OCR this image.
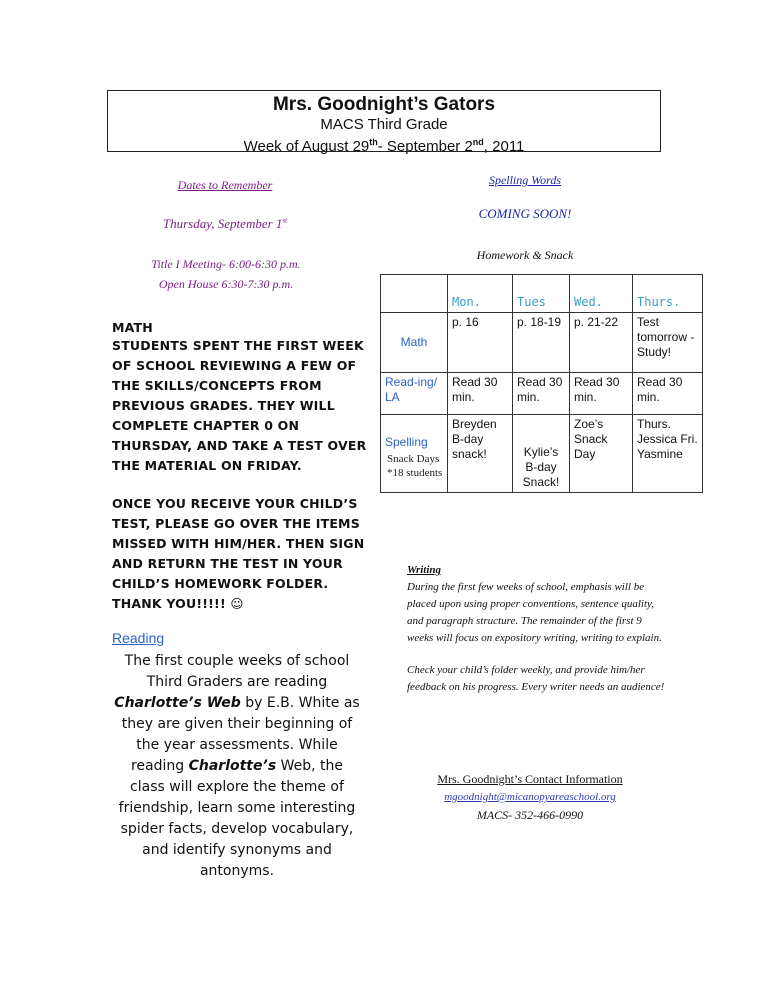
Mrs. Goodnight’s Gators
MACS Third Grade
Week of August 29th- September 2nd, 2011
Dates to Remember
Thursday, September 1st
Title I Meeting- 6:00-6:30 p.m.
Open House 6:30-7:30 p.m.
MATH
STUDENTS SPENT THE FIRST WEEK OF SCHOOL REVIEWING A FEW OF THE SKILLS/CONCEPTS FROM PREVIOUS GRADES. THEY WILL COMPLETE CHAPTER 0 ON THURSDAY, AND TAKE A TEST OVER THE MATERIAL ON FRIDAY.
ONCE YOU RECEIVE YOUR CHILD’S TEST, PLEASE GO OVER THE ITEMS MISSED WITH HIM/HER. THEN SIGN AND RETURN THE TEST IN YOUR CHILD’S HOMEWORK FOLDER. THANK YOU!!!!! ☺
Reading
The first couple weeks of school Third Graders are reading Charlotte’s Web by E.B. White as they are given their beginning of the year assessments. While reading Charlotte’s Web, the class will explore the theme of friendship, learn some interesting spider facts, develop vocabulary, and identify synonyms and antonyms.
Spelling Words
COMING SOON!
Homework & Snack
	Mon.	Tues	Wed.	Thurs.
Math	p. 16	p. 18-19	p. 21-22	Test tomorrow - Study!
Read-ing/ LA	Read 30 min.	Read 30 min.	Read 30 min.	Read 30 min.

Spelling
Snack Days *18 students	Breyden B-day snack!	Kylie’s B-day Snack!	Zoe’s Snack Day	Thurs. Jessica Fri. Yasmine
Writing

During the first few weeks of school, emphasis will be placed upon using proper conventions, sentence quality, and paragraph structure. The remainder of the first 9 weeks will focus on expository writing, writing to explain.

Check your child’s folder weekly, and provide him/her feedback on his progress. Every writer needs an audience!

Mrs. Goodnight’s Contact Information
mgoodnight@micanopyareaschool.org
MACS- 352-466-0990
